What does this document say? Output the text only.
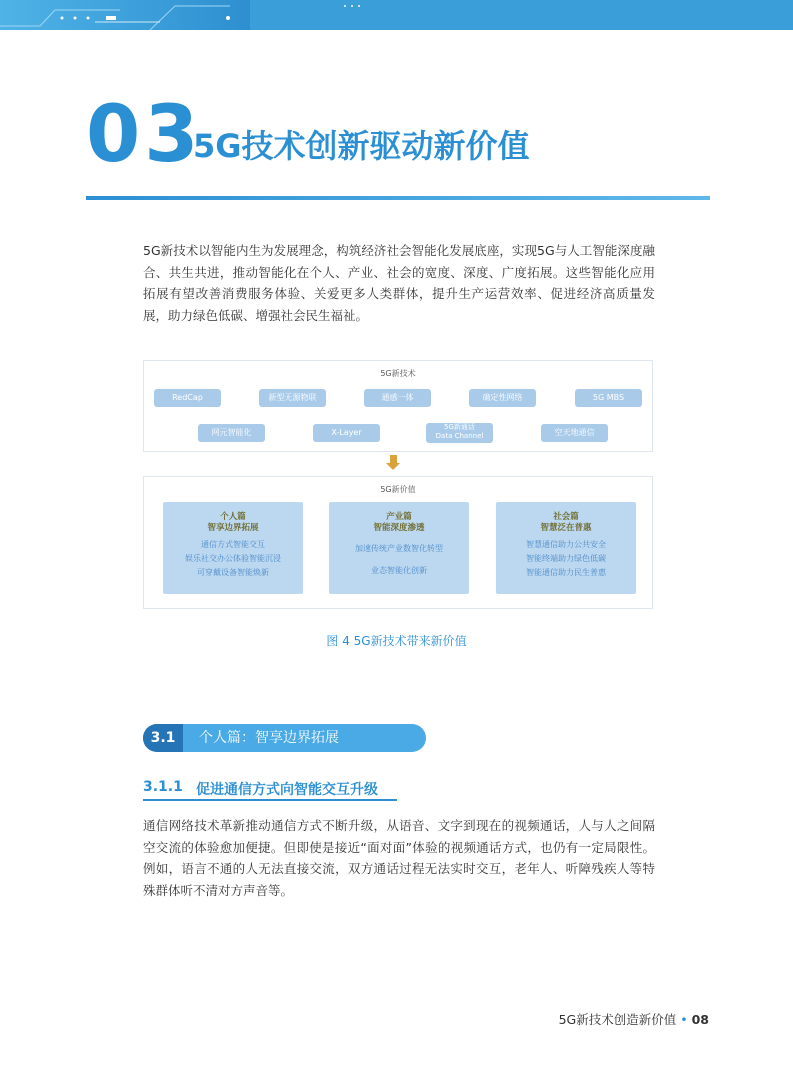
03
5G技术创新驱动新价值

5G新技术以智能内生为发展理念，构筑经济社会智能化发展底座，实现5G与人工智能深度融合、共生共进，推动智能化在个人、产业、社会的宽度、深度、广度拓展。这些智能化应用拓展有望改善消费服务体验、关爱更多人类群体，提升生产运营效率、促进经济高质量发展，助力绿色低碳、增强社会民生福祉。

5G新技术
RedCap	新型无源物联	通感一体	确定性网络	5G MBS
网元智能化	X-Layer
5G新通话
Data Channel	空天地通信
5G新价值
个人篇
智享边界拓展
通信方式智能交互
娱乐社交办公体验智能沉浸
可穿戴设备智能焕新
产业篇
智能深度渗透
加速传统产业数智化转型
业态智能化创新
社会篇
智慧泛在普惠
智慧通信助力公共安全
智能终端助力绿色低碳
智能通信助力民生普惠
图 4 5G新技术带来新价值
3.1	个人篇：智享边界拓展
3.1.1 促进通信方式向智能交互升级

通信网络技术革新推动通信方式不断升级，从语音、文字到现在的视频通话，人与人之间隔空交流的体验愈加便捷。但即使是接近“面对面”体验的视频通话方式，也仍有一定局限性。例如，语言不通的人无法直接交流，双方通话过程无法实时交互，老年人、听障残疾人等特殊群体听不清对方声音等。

5G新技术创造新价值 • 08
